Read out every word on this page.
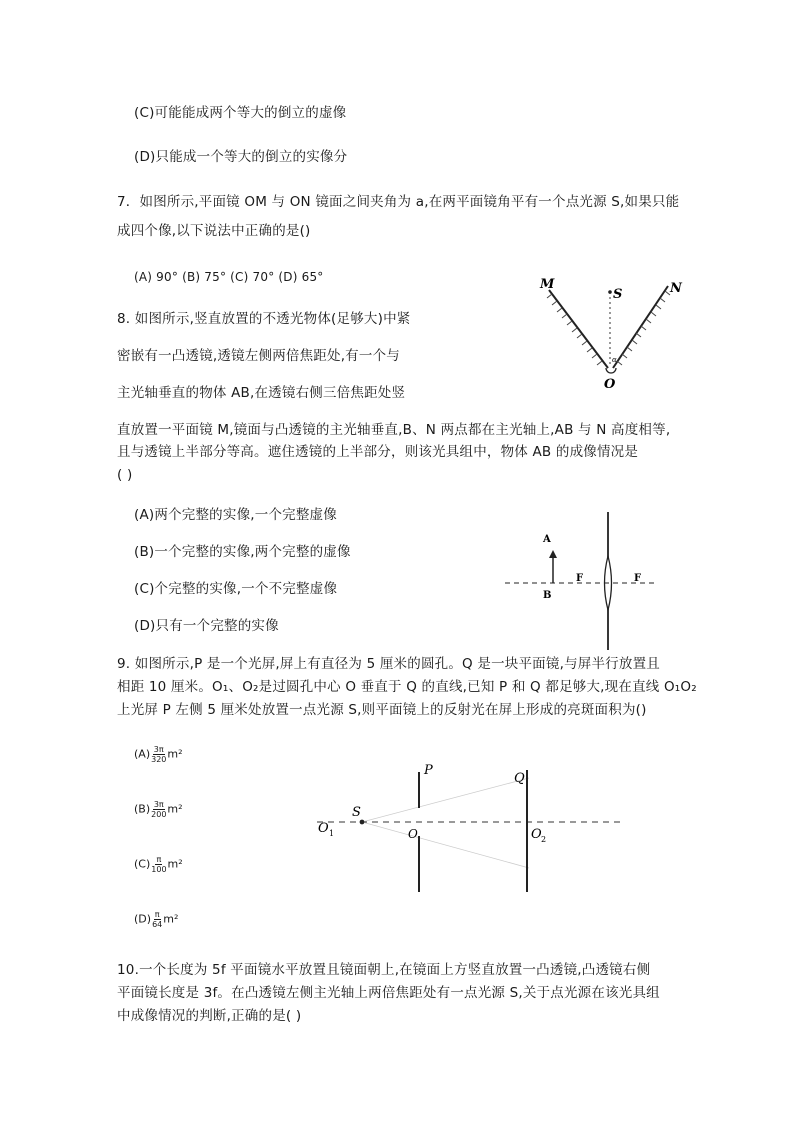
(C)可能能成两个等大的倒立的虚像
(D)只能成一个等大的倒立的实像分
7．如图所示,平面镜 OM 与 ON 镜面之间夹角为 a,在两平面镜角平有一个点光源 S,如果只能
成四个像,以下说法中正确的是()
(A) 90° (B) 75° (C) 70° (D) 65°	M	N
S
α
O
8. 如图所示,竖直放置的不透光物体(足够大)中紧
密嵌有一凸透镜,透镜左侧两倍焦距处,有一个与
主光轴垂直的物体 AB,在透镜右侧三倍焦距处竖
直放置一平面镜 M,镜面与凸透镜的主光轴垂直,B、N 两点都在主光轴上,AB 与 N 高度相等,
且与透镜上半部分等高。遮住透镜的上半部分，则该光具组中，物体 AB 的成像情况是
( )
(A)两个完整的实像,一个完整虚像
(B)一个完整的实像,两个完整的虚像
(C)个完整的实像,一个不完整虚像
(D)只有一个完整的实像
A
B
F	F
9. 如图所示,P 是一个光屏,屏上有直径为 5 厘米的圆孔。Q 是一块平面镜,与屏半行放置且
相距 10 厘米。O₁、O₂是过圆孔中心 O 垂直于 Q 的直线,已知 P 和 Q 都足够大,现在直线 O₁O₂
上光屏 P 左侧 5 厘米处放置一点光源 S,则平面镜上的反射光在屏上形成的亮斑面积为()
$(A) \frac{3\pi}{320} m^2$
$(B) \frac{3\pi}{200} m^2$
$(C) \frac{\pi}{100} m^2$
$(D) \frac{\pi}{64} m^2$
P
Q
S
O 1	O	O 2
10.一个长度为 5f 平面镜水平放置且镜面朝上,在镜面上方竖直放置一凸透镜,凸透镜右侧
平面镜长度是 3f。在凸透镜左侧主光轴上两倍焦距处有一点光源 S,关于点光源在该光具组
中成像情况的判断,正确的是( )
